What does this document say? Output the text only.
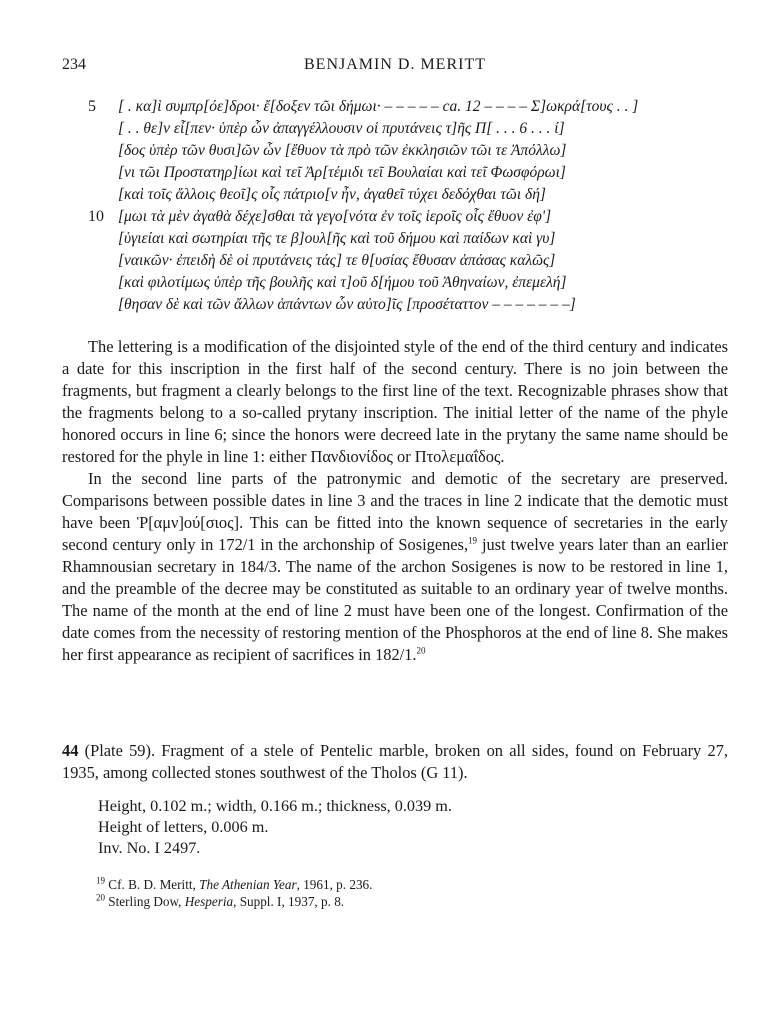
234	BENJAMIN D. MERITT
5	[ . κα]ὶ συμπρ[όε]δροι· ἔ[δοξεν τῶι δήμωι· – – – – – ca. 12 – – – – Σ]ωκρά[τους . . ]
[ . . θε]ν εἶ[πεν· ὑπὲρ ὧν ἀπαγγέλλουσιν οἱ πρυτάνεις τ]ῆς Π[ . . . 6 . . . ί]
[δος ὑπὲρ τῶν θυσι]ῶν ὧν [ἔθυον τὰ πρὸ τῶν ἐκκλησιῶν τῶι τε Ἀπόλλω]
[νι τῶι Προστατηρ]ίωι καὶ τεῖ Ἀρ[τέμιδι τεῖ Βουλαίαι καὶ τεῖ Φωσφόρωι]
[καὶ τοῖς ἄλλοις θεοῖ]ς οἷς πάτριο[ν ἦν, ἀγαθεῖ τύχει δεδόχθαι τῶι δή]
10 [μωι τὰ μὲν ἀγαθὰ δέχε]σθαι τὰ γεγο[νότα ἐν τοῖς ἱεροῖς οἷς ἔθυον ἐφ']
[ὑγιείαι καὶ σωτηρίαι τῆς τε β]ουλ[ῆς καὶ τοῦ δήμου καὶ παίδων καὶ γυ]
[ναικῶν· ἐπειδὴ δὲ οἱ πρυτάνεις τάς] τε θ[υσίας ἔθυσαν ἁπάσας καλῶς]
[καὶ φιλοτίμως ὑπὲρ τῆς βουλῆς καὶ τ]οῦ δ[ήμου τοῦ Ἀθηναίων, ἐπεμελή]
[θησαν δὲ καὶ τῶν ἄλλων ἁπάντων ὧν αὐτο]ῖς [προσέταττον – – – – – – –]

The lettering is a modification of the disjointed style of the end of the third century and indicates a date for this inscription in the first half of the second century. There is no join between the fragments, but fragment a clearly belongs to the first line of the text. Recognizable phrases show that the fragments belong to a so-called prytany inscription. The initial letter of the name of the phyle honored occurs in line 6; since the honors were decreed late in the prytany the same name should be restored for the phyle in line 1: either Πανδιονίδος or Πτολεμαΐδος.

In the second line parts of the patronymic and demotic of the secretary are preserved. Comparisons between possible dates in line 3 and the traces in line 2 indicate that the demotic must have been Ῥ[αμν]ού[σιος]. This can be fitted into the known sequence of secretaries in the early second century only in 172/1 in the archonship of Sosigenes,$^{19}$ just twelve years later than an earlier Rhamnousian secretary in 184/3. The name of the archon Sosigenes is now to be restored in line 1, and the preamble of the decree may be constituted as suitable to an ordinary year of twelve months. The name of the month at the end of line 2 must have been one of the longest. Confirmation of the date comes from the necessity of restoring mention of the Phosphoros at the end of line 8. She makes her first appearance as recipient of sacrifices in 182/1.20

44 (Plate 59). Fragment of a stele of Pentelic marble, broken on all sides, found on February 27, 1935, among collected stones southwest of the Tholos (G 11).

Height, 0.102 m.; width, 0.166 m.; thickness, 0.039 m.
Height of letters, 0.006 m.
Inv. No. I 2497.
$^{19}$ Cf. B. D. Meritt, The Athenian Year, 1961, p. 236.
$^{20}$ Sterling Dow, Hesperia, Suppl. I, 1937, p. 8.
